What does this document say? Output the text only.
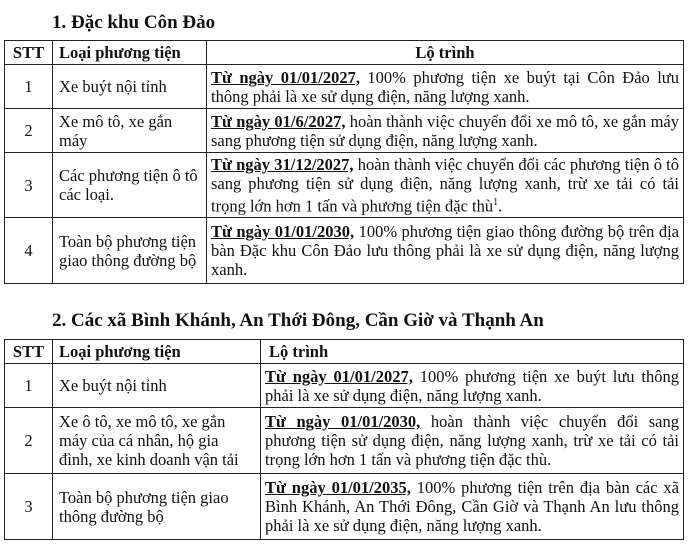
1. Đặc khu Côn Đảo
STT	Loại phương tiện	Lộ trình
1	Xe buýt nội tỉnh	Từ ngày 01/01/2027, 100% phương tiện xe buýt tại Côn Đảo lưu thông phải là xe sử dụng điện, năng lượng xanh.
2	Xe mô tô, xe gắn máy	Từ ngày 01/6/2027, hoàn thành việc chuyển đổi xe mô tô, xe gắn máy sang phương tiện sử dụng điện, năng lượng xanh.
3	Các phương tiện ô tô các loại.	Từ ngày 31/12/2027, hoàn thành việc chuyển đổi các phương tiện ô tô sang phương tiện sử dụng điện, năng lượng xanh, trừ xe tải có tải trọng lớn hơn 1 tấn và phương tiện đặc thù$^1$.
4	Toàn bộ phương tiện giao thông đường bộ	Từ ngày 01/01/2030, 100% phương tiện giao thông đường bộ trên địa bàn Đặc khu Côn Đảo lưu thông phải là xe sử dụng điện, năng lượng xanh.
2. Các xã Bình Khánh, An Thới Đông, Cần Giờ và Thạnh An
STT	Loại phương tiện	Lộ trình
1	Xe buýt nội tỉnh	Từ ngày 01/01/2027, 100% phương tiện xe buýt lưu thông phải là xe sử dụng điện, năng lượng xanh.
2	Xe ô tô, xe mô tô, xe gắn máy của cá nhân, hộ gia đình, xe kinh doanh vận tải	Từ ngày 01/01/2030, hoàn thành việc chuyển đổi sang phương tiện sử dụng điện, năng lượng xanh, trừ xe tải có tải trọng lớn hơn 1 tấn và phương tiện đặc thù.
3	Toàn bộ phương tiện giao thông đường bộ	Từ ngày 01/01/2035, 100% phương tiện trên địa bàn các xã Bình Khánh, An Thới Đông, Cần Giờ và Thạnh An lưu thông phải là xe sử dụng điện, năng lượng xanh.
